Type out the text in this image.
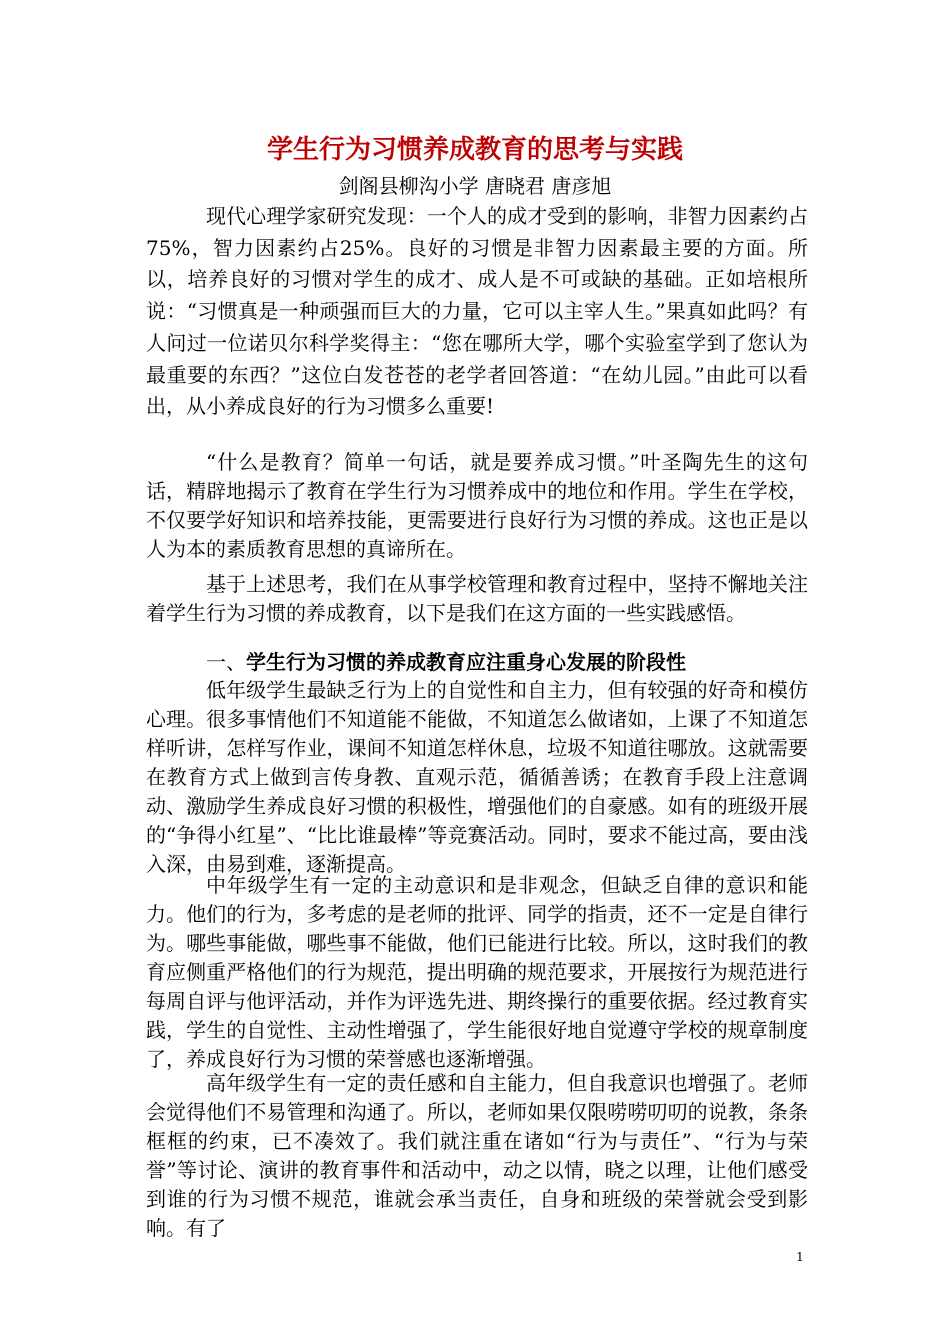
学生行为习惯养成教育的思考与实践

剑阁县柳沟小学 唐晓君 唐彦旭

现代心理学家研究发现：一个人的成才受到的影响，非智力因素约占75%，智力因素约占25%。良好的习惯是非智力因素最主要的方面。所以，培养良好的习惯对学生的成才、成人是不可或缺的基础。正如培根所说：“习惯真是一种顽强而巨大的力量，它可以主宰人生。”果真如此吗？有人问过一位诺贝尔科学奖得主：“您在哪所大学，哪个实验室学到了您认为最重要的东西？”这位白发苍苍的老学者回答道：“在幼儿园。”由此可以看出，从小养成良好的行为习惯多么重要!

“什么是教育？简单一句话，就是要养成习惯。”叶圣陶先生的这句话，精辟地揭示了教育在学生行为习惯养成中的地位和作用。学生在学校，不仅要学好知识和培养技能，更需要进行良好行为习惯的养成。这也正是以人为本的素质教育思想的真谛所在。

基于上述思考，我们在从事学校管理和教育过程中，坚持不懈地关注着学生行为习惯的养成教育，以下是我们在这方面的一些实践感悟。

一、学生行为习惯的养成教育应注重身心发展的阶段性

低年级学生最缺乏行为上的自觉性和自主力，但有较强的好奇和模仿心理。很多事情他们不知道能不能做，不知道怎么做诸如，上课了不知道怎样听讲，怎样写作业，课间不知道怎样休息，垃圾不知道往哪放。这就需要在教育方式上做到言传身教、直观示范，循循善诱；在教育手段上注意调动、激励学生养成良好习惯的积极性，增强他们的自豪感。如有的班级开展的“争得小红星”、“比比谁最棒”等竞赛活动。同时，要求不能过高，要由浅入深，由易到难，逐渐提高。

中年级学生有一定的主动意识和是非观念，但缺乏自律的意识和能力。他们的行为，多考虑的是老师的批评、同学的指责，还不一定是自律行为。哪些事能做，哪些事不能做，他们已能进行比较。所以，这时我们的教育应侧重严格他们的行为规范，提出明确的规范要求，开展按行为规范进行每周自评与他评活动，并作为评选先进、期终操行的重要依据。经过教育实践，学生的自觉性、主动性增强了，学生能很好地自觉遵守学校的规章制度了，养成良好行为习惯的荣誉感也逐渐增强。

高年级学生有一定的责任感和自主能力，但自我意识也增强了。老师会觉得他们不易管理和沟通了。所以，老师如果仅限唠唠叨叨的说教，条条框框的约束，已不凑效了。我们就注重在诸如“行为与责任”、“行为与荣誉”等讨论、演讲的教育事件和活动中，动之以情，晓之以理，让他们感受到谁的行为习惯不规范，谁就会承当责任，自身和班级的荣誉就会受到影响。有了

1
